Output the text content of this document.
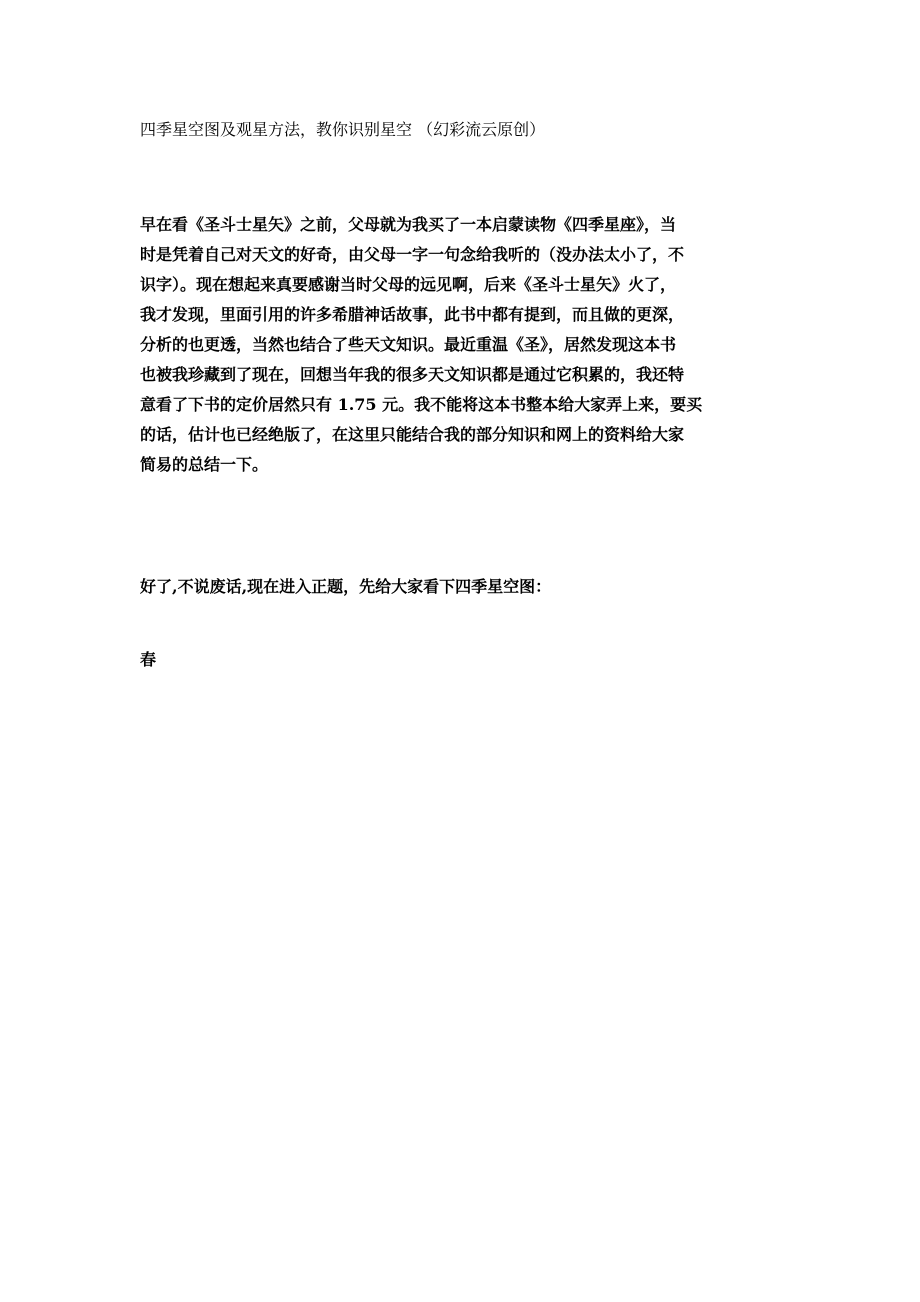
四季星空图及观星方法，教你识别星空 （幻彩流云原创）

早在看《圣斗士星矢》之前，父母就为我买了一本启蒙读物《四季星座》，当
时是凭着自己对天文的好奇，由父母一字一句念给我听的（没办法太小了，不
识字）。现在想起来真要感谢当时父母的远见啊，后来《圣斗士星矢》火了，
我才发现，里面引用的许多希腊神话故事，此书中都有提到，而且做的更深，
分析的也更透，当然也结合了些天文知识。最近重温《圣》，居然发现这本书
也被我珍藏到了现在，回想当年我的很多天文知识都是通过它积累的，我还特
意看了下书的定价居然只有 1.75 元。我不能将这本书整本给大家弄上来，要买
的话，估计也已经绝版了，在这里只能结合我的部分知识和网上的资料给大家
简易的总结一下。

好了,不说废话,现在进入正题，先给大家看下四季星空图：
春
